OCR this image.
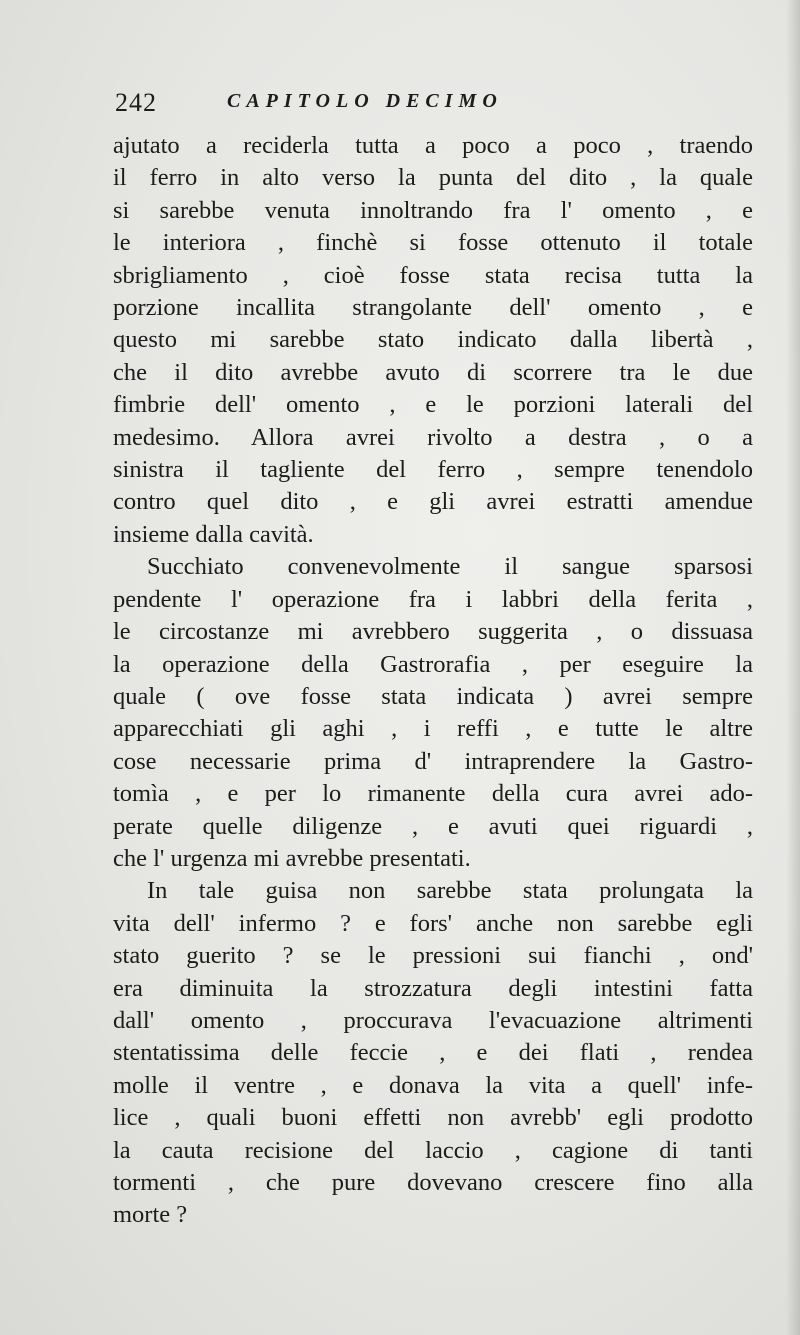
242	CAPITOLO DECIMO
ajutato a reciderla tutta a poco a poco , traendo
il ferro in alto verso la punta del dito , la quale
si sarebbe venuta innoltrando fra l' omento , e
le interiora , finchè si fosse ottenuto il totale
sbrigliamento , cioè fosse stata recisa tutta la
porzione incallita strangolante dell' omento , e
questo mi sarebbe stato indicato dalla libertà ,
che il dito avrebbe avuto di scorrere tra le due
fimbrie dell' omento , e le porzioni laterali del
medesimo. Allora avrei rivolto a destra , o a
sinistra il tagliente del ferro , sempre tenendolo
contro quel dito , e gli avrei estratti amendue
insieme dalla cavità.
Succhiato convenevolmente il sangue sparsosi
pendente l' operazione fra i labbri della ferita ,
le circostanze mi avrebbero suggerita , o dissuasa
la operazione della Gastrorafia , per eseguire la
quale ( ove fosse stata indicata ) avrei sempre
apparecchiati gli aghi , i reffi , e tutte le altre
cose necessarie prima d' intraprendere la Gastro-
tomìa , e per lo rimanente della cura avrei ado-
perate quelle diligenze , e avuti quei riguardi ,
che l' urgenza mi avrebbe presentati.
In tale guisa non sarebbe stata prolungata la
vita dell' infermo ? e fors' anche non sarebbe egli
stato guerito ? se le pressioni sui fianchi , ond'
era diminuita la strozzatura degli intestini fatta
dall' omento , proccurava l'evacuazione altrimenti
stentatissima delle feccie , e dei flati , rendea
molle il ventre , e donava la vita a quell' infe-
lice , quali buoni effetti non avrebb' egli prodotto
la cauta recisione del laccio , cagione di tanti
tormenti , che pure dovevano crescere fino alla
morte ?
